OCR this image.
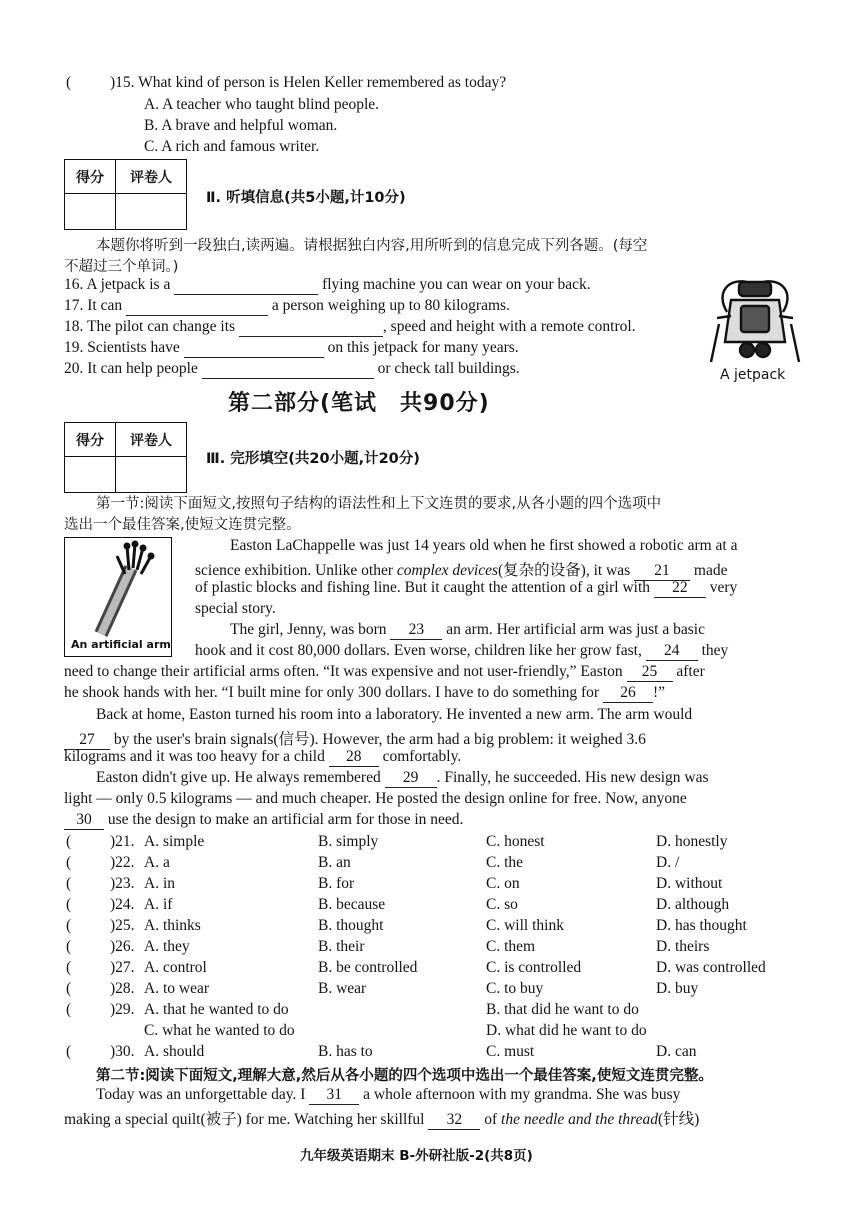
(	)15. What kind of person is Helen Keller remembered as today?
A. A teacher who taught blind people.
B. A brave and helpful woman.
C. A rich and famous writer.
得分	评卷人

Ⅱ. 听填信息(共5小题,计10分)
本题你将听到一段独白,读两遍。请根据独白内容,用所听到的信息完成下列各题。(每空
不超过三个单词。)
16. A jetpack is a	flying machine you can wear on your back.
17. It can	a person weighing up to 80 kilograms.
18. The pilot can change its	, speed and height with a remote control.
19. Scientists have	on this jetpack for many years.
20. It can help people	or check tall buildings.	A jetpack
第二部分(笔试　共90分)
得分	评卷人

Ⅲ. 完形填空(共20小题,计20分)
第一节:阅读下面短文,按照句子结构的语法性和上下文连贯的要求,从各小题的四个选项中
选出一个最佳答案,使短文连贯完整。
An artificial arm
Easton LaChappelle was just 14 years old when he first showed a robotic arm at a
science exhibition. Unlike other complex devices(复杂的设备), it was 21 made
of plastic blocks and fishing line. But it caught the attention of a girl with 22 very
special story.
The girl, Jenny, was born 23 an arm. Her artificial arm was just a basic
hook and it cost 80,000 dollars. Even worse, children like her grow fast, 24 they
need to change their artificial arms often. “It was expensive and not user-friendly,” Easton 25 after
he shook hands with her. “I built mine for only 300 dollars. I have to do something for 26 !”
Back at home, Easton turned his room into a laboratory. He invented a new arm. The arm would
27 by the user's brain signals(信号). However, the arm had a big problem: it weighed 3.6
kilograms and it was too heavy for a child 28 comfortably.
Easton didn't give up. He always remembered 29 . Finally, he succeeded. His new design was
light — only 0.5 kilograms — and much cheaper. He posted the design online for free. Now, anyone
30 use the design to make an artificial arm for those in need.
(	)21. A. simple	B. simply	C. honest	D. honestly
(	)22. A. a	B. an	C. the	D. /
(	)23. A. in	B. for	C. on	D. without
(	)24. A. if	B. because	C. so	D. although
(	)25. A. thinks	B. thought	C. will think	D. has thought
(	)26. A. they	B. their	C. them	D. theirs
(	)27. A. control	B. be controlled	C. is controlled	D. was controlled
(	)28. A. to wear	B. wear	C. to buy	D. buy
(	)29. A. that he wanted to do	B. that did he want to do
C. what he wanted to do	D. what did he want to do
(	)30. A. should	B. has to	C. must	D. can
第二节:阅读下面短文,理解大意,然后从各小题的四个选项中选出一个最佳答案,使短文连贯完整。
Today was an unforgettable day. I 31 a whole afternoon with my grandma. She was busy
making a special quilt(被子) for me. Watching her skillful 32 of the needle and the thread(针线)
九年级英语期末 B-外研社版-2(共8页)
